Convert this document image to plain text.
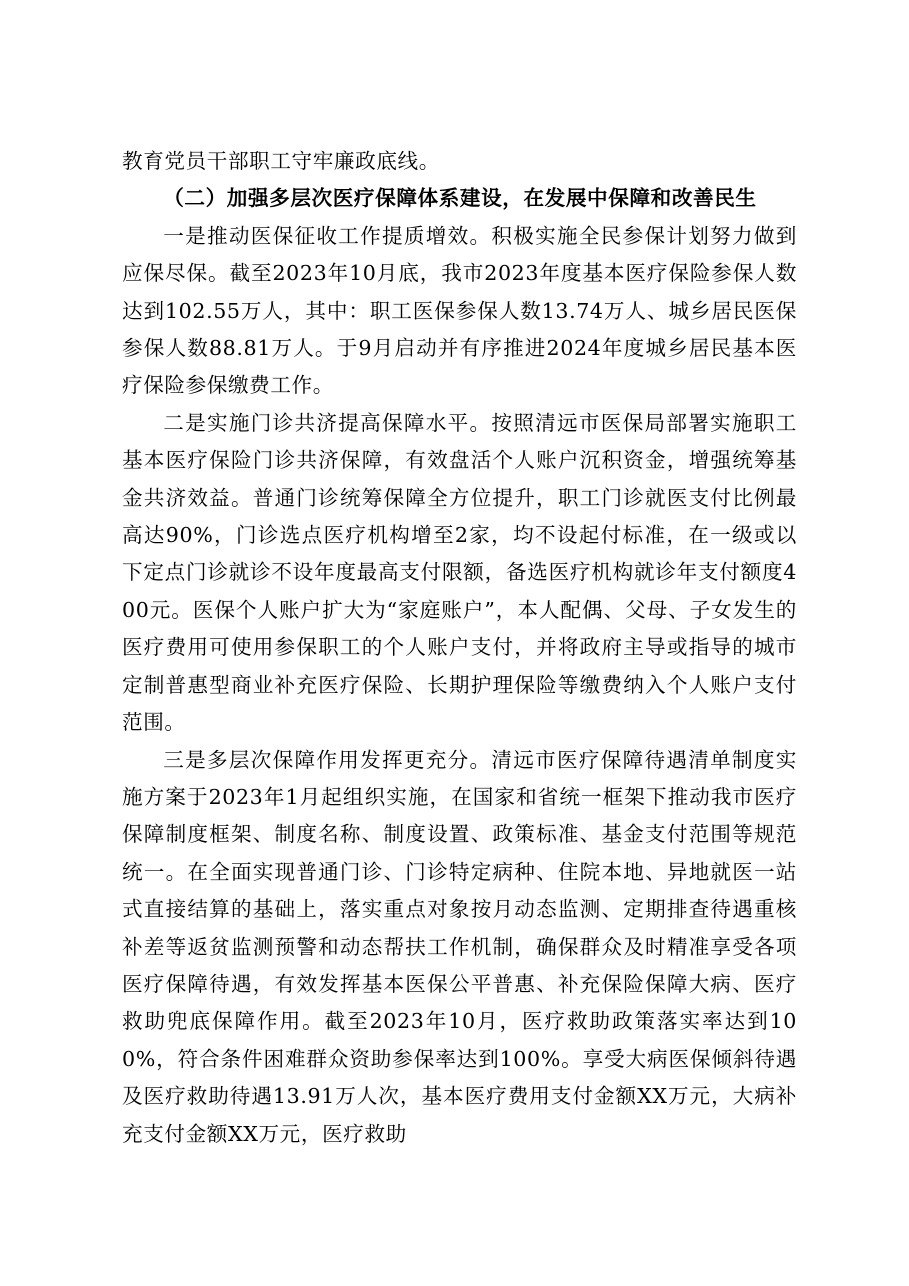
教育党员干部职工守牢廉政底线。

（二）加强多层次医疗保障体系建设，在发展中保障和改善民生

一是推动医保征收工作提质增效。积极实施全民参保计划努力做到应保尽保。截至2023年10月底，我市2023年度基本医疗保险参保人数达到102.55万人，其中：职工医保参保人数13.74万人、城乡居民医保参保人数88.81万人。于9月启动并有序推进2024年度城乡居民基本医疗保险参保缴费工作。

二是实施门诊共济提高保障水平。按照清远市医保局部署实施职工基本医疗保险门诊共济保障，有效盘活个人账户沉积资金，增强统筹基金共济效益。普通门诊统筹保障全方位提升，职工门诊就医支付比例最高达90%，门诊选点医疗机构增至2家，均不设起付标准，在一级或以下定点门诊就诊不设年度最高支付限额，备选医疗机构就诊年支付额度400元。医保个人账户扩大为“家庭账户”，本人配偶、父母、子女发生的医疗费用可使用参保职工的个人账户支付，并将政府主导或指导的城市定制普惠型商业补充医疗保险、长期护理保险等缴费纳入个人账户支付范围。

三是多层次保障作用发挥更充分。清远市医疗保障待遇清单制度实施方案于2023年1月起组织实施，在国家和省统一框架下推动我市医疗保障制度框架、制度名称、制度设置、政策标准、基金支付范围等规范统一。在全面实现普通门诊、门诊特定病种、住院本地、异地就医一站式直接结算的基础上，落实重点对象按月动态监测、定期排查待遇重核补差等返贫监测预警和动态帮扶工作机制，确保群众及时精准享受各项医疗保障待遇，有效发挥基本医保公平普惠、补充保险保障大病、医疗救助兜底保障作用。截至2023年10月，医疗救助政策落实率达到100%，符合条件困难群众资助参保率达到100%。享受大病医保倾斜待遇及医疗救助待遇13.91万人次，基本医疗费用支付金额XX万元，大病补充支付金额XX万元，医疗救助
